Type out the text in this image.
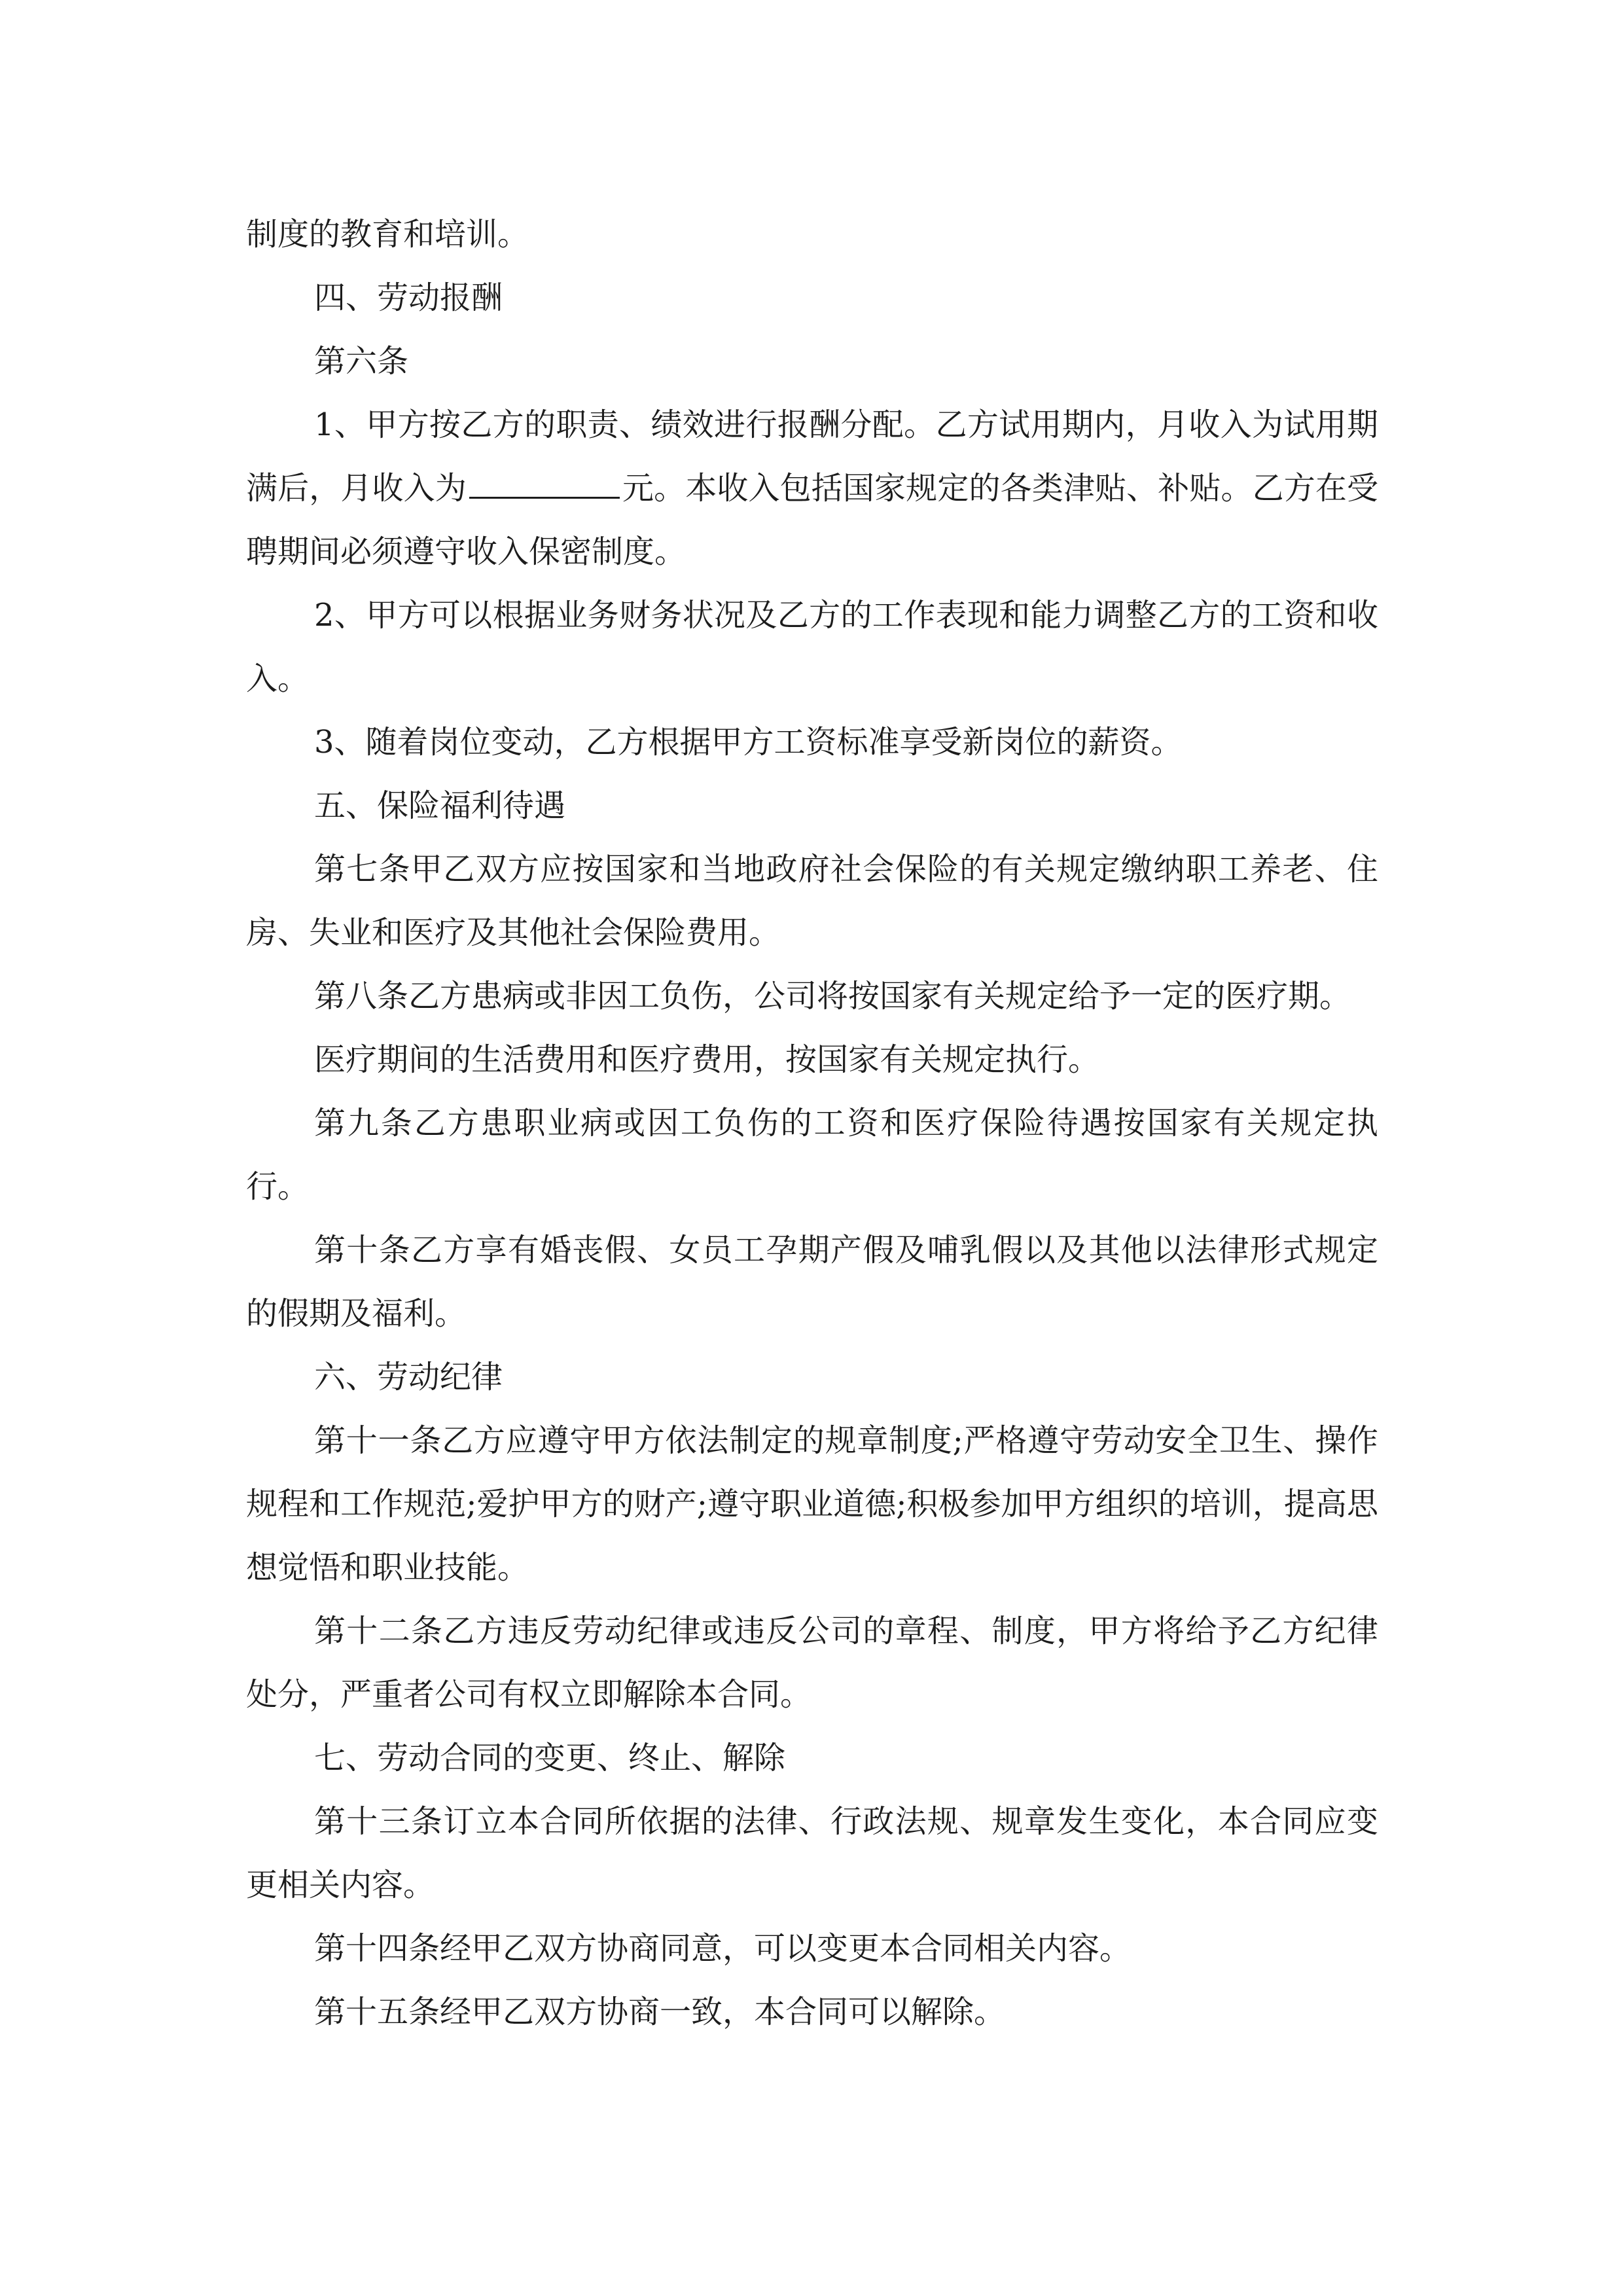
制度的教育和培训。

四、劳动报酬

第六条

1、甲方按乙方的职责、绩效进行报酬分配。乙方试用期内，月收入为试用期满后，月收入为	元。本收入包括国家规定的各类津贴、补贴。乙方在受聘期间必须遵守收入保密制度。

2、甲方可以根据业务财务状况及乙方的工作表现和能力调整乙方的工资和收入。

3、随着岗位变动，乙方根据甲方工资标准享受新岗位的薪资。

五、保险福利待遇

第七条甲乙双方应按国家和当地政府社会保险的有关规定缴纳职工养老、住房、失业和医疗及其他社会保险费用。

第八条乙方患病或非因工负伤，公司将按国家有关规定给予一定的医疗期。

医疗期间的生活费用和医疗费用，按国家有关规定执行。

第九条乙方患职业病或因工负伤的工资和医疗保险待遇按国家有关规定执行。

第十条乙方享有婚丧假、女员工孕期产假及哺乳假以及其他以法律形式规定的假期及福利。

六、劳动纪律

第十一条乙方应遵守甲方依法制定的规章制度;严格遵守劳动安全卫生、操作规程和工作规范;爱护甲方的财产;遵守职业道德;积极参加甲方组织的培训，提高思想觉悟和职业技能。

第十二条乙方违反劳动纪律或违反公司的章程、制度，甲方将给予乙方纪律处分，严重者公司有权立即解除本合同。

七、劳动合同的变更、终止、解除

第十三条订立本合同所依据的法律、行政法规、规章发生变化，本合同应变更相关内容。

第十四条经甲乙双方协商同意，可以变更本合同相关内容。

第十五条经甲乙双方协商一致，本合同可以解除。
